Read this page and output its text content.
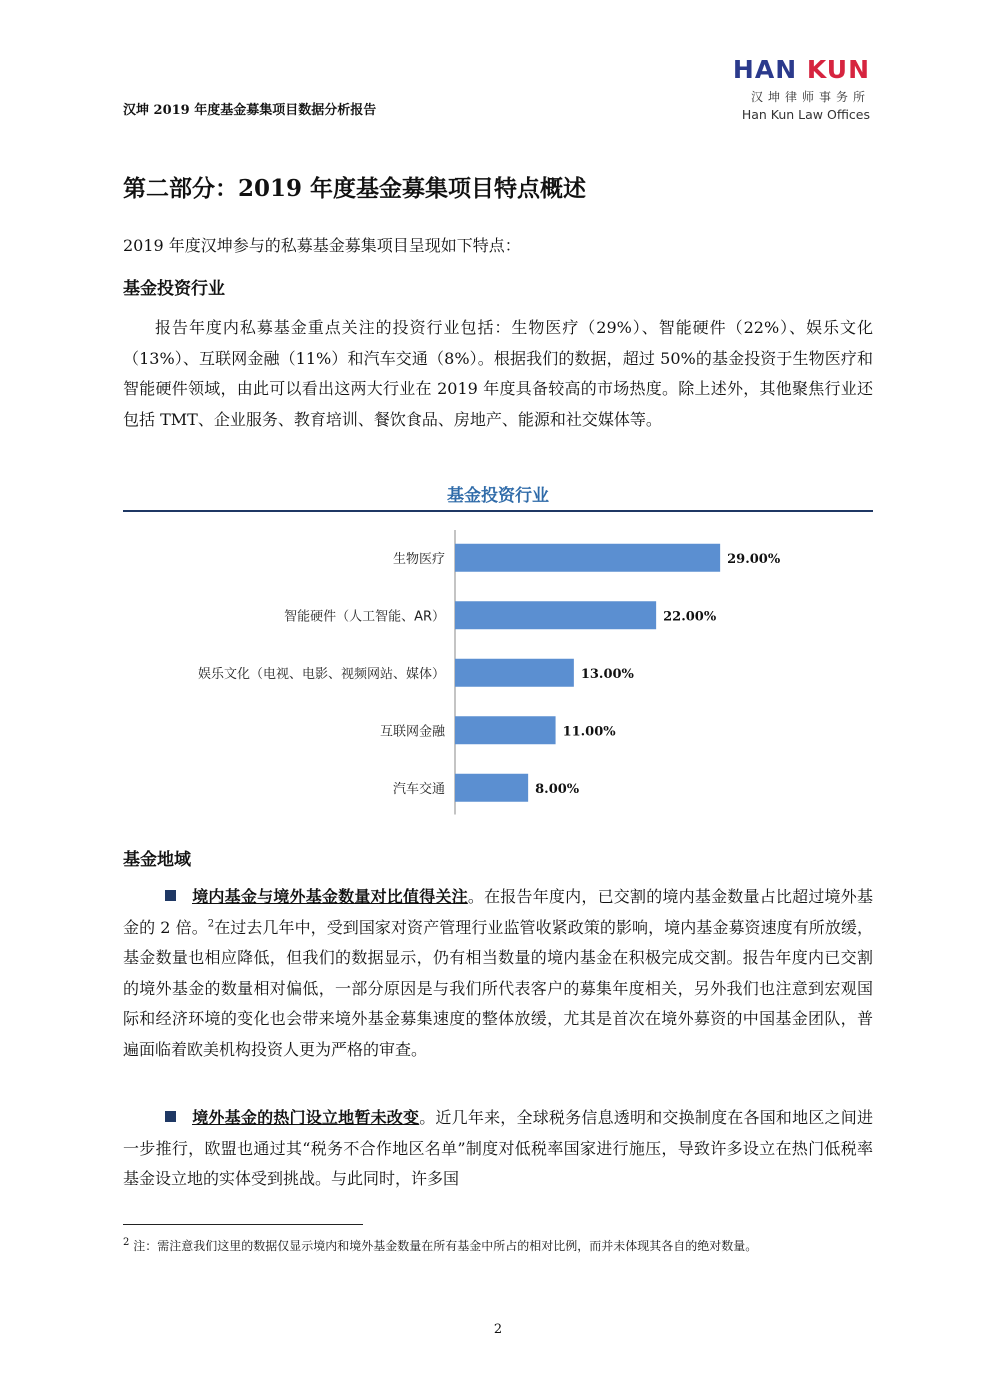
汉坤 2019 年度基金募集项目数据分析报告
HAN KUN
汉坤律师事务所
Han Kun Law Offices
第二部分：2019 年度基金募集项目特点概述
2019 年度汉坤参与的私募基金募集项目呈现如下特点：
基金投资行业

报告年度内私募基金重点关注的投资行业包括：生物医疗（29%）、智能硬件（22%）、娱乐文化（13%）、互联网金融（11%）和汽车交通（8%）。根据我们的数据，超过 50%的基金投资于生物医疗和智能硬件领域，由此可以看出这两大行业在 2019 年度具备较高的市场热度。除上述外，其他聚焦行业还包括 TMT、企业服务、教育培训、餐饮食品、房地产、能源和社交媒体等。

基金投资行业
生物医疗	29.00%
智能硬件（人工智能、AR）	22.00%
娱乐文化（电视、电影、视频网站、媒体）	13.00%
互联网金融	11.00%
汽车交通	8.00%
基金地域

境内基金与境外基金数量对比值得关注。在报告年度内，已交割的境内基金数量占比超过境外基金的 2 倍。$^2$在过去几年中，受到国家对资产管理行业监管收紧政策的影响，境内基金募资速度有所放缓，基金数量也相应降低，但我们的数据显示，仍有相当数量的境内基金在积极完成交割。报告年度内已交割的境外基金的数量相对偏低，一部分原因是与我们所代表客户的募集年度相关，另外我们也注意到宏观国际和经济环境的变化也会带来境外基金募集速度的整体放缓，尤其是首次在境外募资的中国基金团队，普遍面临着欧美机构投资人更为严格的审查。

境外基金的热门设立地暂未改变。近几年来，全球税务信息透明和交换制度在各国和地区之间进一步推行，欧盟也通过其“税务不合作地区名单”制度对低税率国家进行施压，导致许多设立在热门低税率基金设立地的实体受到挑战。与此同时，许多国

$^2$ 注：需注意我们这里的数据仅显示境内和境外基金数量在所有基金中所占的相对比例，而并未体现其各自的绝对数量。
2
